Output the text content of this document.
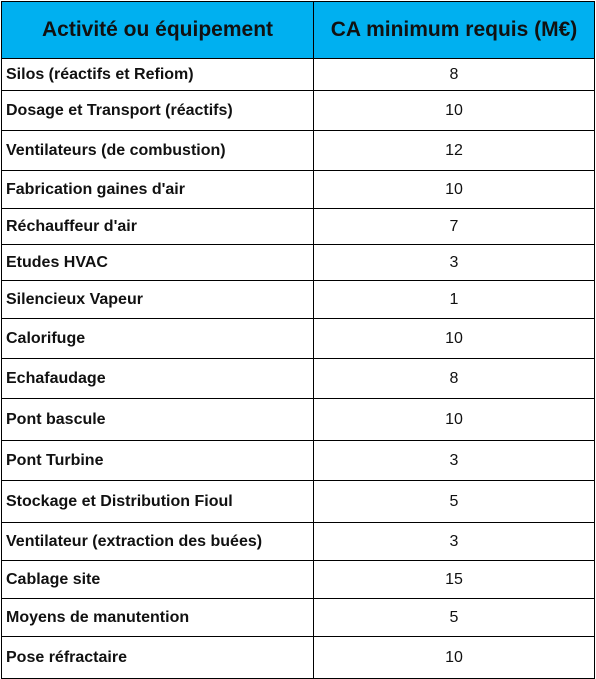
Activité ou équipement	CA minimum requis (M€)
Silos (réactifs et Refiom)	8
Dosage et Transport (réactifs)	10
Ventilateurs (de combustion)	12
Fabrication gaines d'air	10
Réchauffeur d'air	7
Etudes HVAC	3
Silencieux Vapeur	1
Calorifuge	10
Echafaudage	8
Pont bascule	10
Pont Turbine	3
Stockage et Distribution Fioul	5
Ventilateur (extraction des buées)	3
Cablage site	15
Moyens de manutention	5
Pose réfractaire	10
